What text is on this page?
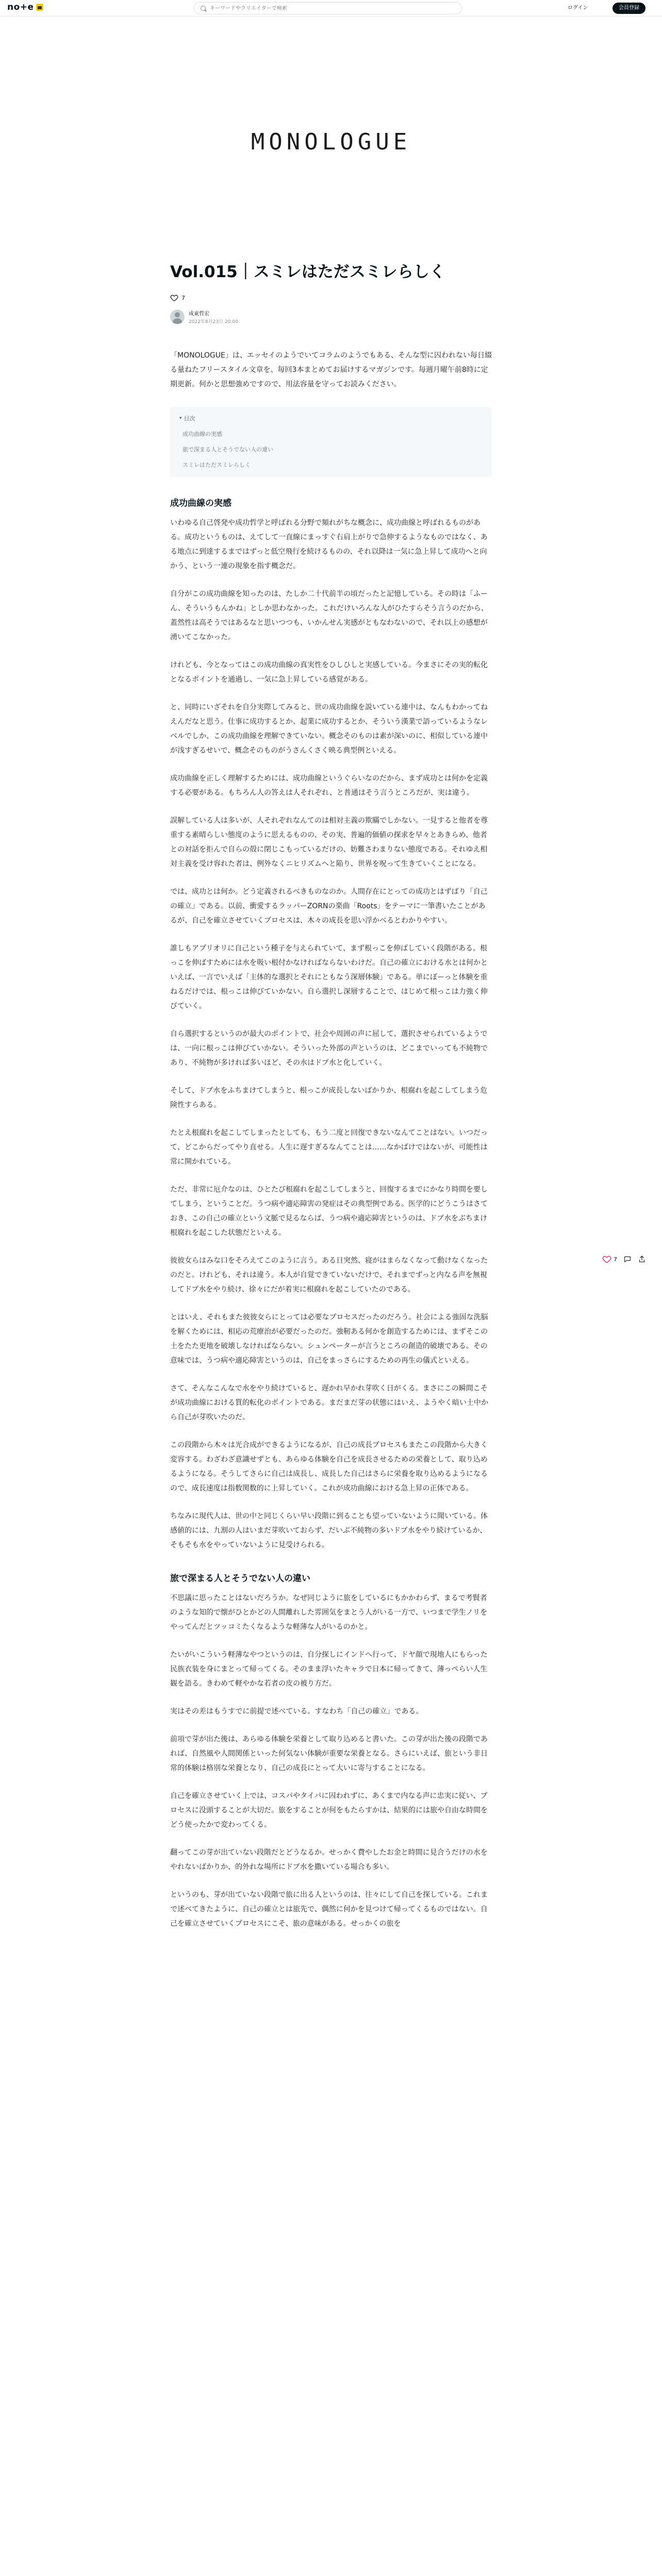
no+e
キーワードやクリエイターで検索	ログイン	会員登録
MONOLOGUE
Vol.015｜スミレはただスミレらしく
7
成東哲宏
2022年8月23日 20:00

「MONOLOGUE」は、エッセイのようでいてコラムのようでもある、そんな型に囚われない毎日綴る量ねたフリースタイル文章を、毎回3本まとめてお届けするマガジンです。毎週月曜午前8時に定期更新。何かと思想強めですので、用法容量を守ってお読みください。

▾ 目次
成功曲線の実感
旅で深まる人とそうでない人の違い
スミレはただスミレらしく
成功曲線の実感

いわゆる自己啓発や成功哲学と呼ばれる分野で頻れがちな概念に、成功曲線と呼ばれるものがある。成功というものは、えてして一直線にまっすぐ右肩上がりで急伸するようなものではなく、ある地点に到達するまではずっと低空飛行を続けるものの、それ以降は一気に急上昇して成功へと向かう、という一連の現象を指す概念だ。

自分がこの成功曲線を知ったのは、たしか二十代前半の頃だったと記憶している。その時は「ふーん、そういうもんかね」としか思わなかった。これだけいろんな人がひたすらそう言うのだから、蓋然性は高そうではあるなと思いつつも、いかんせん実感がともなわないので、それ以上の感想が湧いてこなかった。

けれども、今となってはこの成功曲線の真実性をひしひしと実感している。今まさにその実的転化となるポイントを通過し、一気に急上昇している感覚がある。

と、同時にいざそれを自分実際してみると、世の成功曲線を説いている連中は、なんもわかってねえんだなと思う。仕事に成功するとか、起業に成功するとか、そういう漢業で語っているようなレベルでしか、この成功曲線を理解できていない。概念そのものは素が深いのに、相似している連中が浅すぎるせいで、概念そのものがうさんくさく映る典型例といえる。

成功曲線を正しく理解するためには、成功曲線というぐらいなのだから、まず成功とは何かを定義する必要がある。もちろん人の答えは人それぞれ、と普通はそう言うところだが、実は違う。

誤解している人は多いが、人それぞれなんてのは相対主義の欺瞞でしかない。一見すると他者を尊重する素晴らしい態度のように思えるものの、その実、普遍的価値の探求を早々とあきらめ、他者との対話を拒んで自らの殻に閉じこもっているだけの、妨難さわまりない態度である。それゆえ相対主義を受け容れた者は、例外なくニヒリズムへと陥り、世界を呪って生きていくことになる。

では、成功とは何か。どう定義されるべきものなのか。人間存在にとっての成功とはずばり「自己の確立」である。以前、衝愛するラッパーZORNの楽曲「Roots」をテーマに一筆書いたことがあるが、自己を確立させていくプロセスは、木々の成長を思い浮かべるとわかりやすい。

誰しもアプリオリに自己という種子を与えられていて、まず根っこを伸ばしていく段階がある。根っこを伸ばすためには水を吸い根付かなければならないわけだ。自己の確立における水とは何かといえば、一言でいえば「主体的な選択とそれにともなう深層体験」である。単にぼーっと体験を重ねるだけでは、根っこは伸びていかない。自ら選択し深層することで、はじめて根っこは力強く伸びていく。

自ら選択するというのが最大のポイントで、社会や周囲の声に屈して、選択させられているようでは、一向に根っこは伸びていかない。そういった外部の声というのは、どこまでいっても不純物であり、不純物が多ければ多いほど、その水はドブ水と化していく。

そして、ドブ水をふちまけてしまうと、根っこが成長しないばかりか、根腐れを起こしてしまう危険性すらある。

たとえ根腐れを起こしてしまったとしても、もう二度と回復できないなんてことはない。いつだって、どこからだってやり直せる。人生に遅すぎるなんてことは……なかばけではないが、可能性は常に開かれている。

ただ、非常に厄介なのは、ひとたび根腐れを起こしてしまうと、回復するまでにかなり時間を要してしまう、ということだ。うつ病や適応障害の発症はその典型例である。医学的にどうこうはさておき、この自己の確立という文脈で見るならば、うつ病や適応障害というのは、ドブ水をぶちまけ根腐れを起こした状態だといえる。

彼彼女らはみな口をそろえてこのように言う。ある日突然、寝がはまらなくなって動けなくなったのだと。けれども、それは違う。本人が自覚できていないだけで、それまでずっと内なる声を無視してドブ水をやり続け、徐々にだが着実に根腐れを起こしていたのである。

とはいえ、それもまた彼彼女らにとっては必要なプロセスだったのだろう。社会による強固な洗脳を解くためには、相応の荒療治が必要だったのだ。強靭ある何かを創造するためには、まずそこの土をたた更地を破壊しなければならない。シュンペーターが言うところの創造的破壊である。その意味では、うつ病や適応障害というのは、自己をまっさらにするための再生の儀式といえる。

さて、そんなこんなで水をやり続けていると、遅かれ早かれ芽吹く日がくる。まさにこの瞬間こそが成功曲線における質的転化のポイントである。まだまだ芽の状態にはいえ、ようやく暗い土中から自己が芽吹いたのだ。

この段階から木々は光合成ができるようになるが、自己の成長プロセスもまたこの段階から大きく変容する。わざわざ意識せずとも、あらゆる体験を自己を成長させるための栄養として、取り込めるようになる。そうしてさらに自己は成長し、成長した自己はさらに栄養を取り込めるようになるので、成長速度は指数関数的に上昇していく。これが成功曲線における急上昇の正体である。

ちなみに現代人は、世の中と同じくらい早い段階に到ることも望っていないように聞いている。体感値的には、九割の人はいまだ芽吹いておらず、だいぶ不純物の多いドブ水をやり続けているか、そもそも水をやっていないように見受けられる。

旅で深まる人とそうでない人の違い

不思議に思ったことはないだろうか。なぜ同じように旅をしているにもかかわらず、まるで考賢者のような知的で懐がひとかどの人間離れした雰囲気をまとう人がいる一方で、いつまで学生ノリをやってんだとツッコミたくなるような軽薄な人がいるのかと。

たいがいこういう軽薄なやつというのは、自分探しにインドへ行って、ドヤ顔で現地人にもらった民族衣装を身にまとって帰ってくる。そのまま浮いたキャラで日本に帰ってきて、薄っぺらい人生観を語る。きわめて軽やかな若者の皮の被り方だ。

実はその差はもうすでに前提で述べている。すなわち「自己の確立」である。

前項で芽が出た後は、あらゆる体験を栄養として取り込めると書いた。この芽が出た後の段階であれば、自然風や人間関係といった何気ない体験が重要な栄養となる。さらにいえば、旅という非日常的体験は格別な栄養となり、自己の成長にとって大いに寄与することになる。

自己を確立させていく上では、コスパやタイパに囚われずに、あくまで内なる声に忠実に従い、プロセスに没頭することが大切だ。旅をすることが何をもたらすかは、結果的には旅や自由な時間をどう使ったかで変わってくる。

翻ってこの芽が出ていない段階だとどうなるか。せっかく費やしたお金と時間に見合うだけの水をやれないばかりか、的外れな場所にドブ水を撒いている場合も多い。

というのも、芽が出ていない段階で旅に出る人というのは、往々にして自己を探している。これまで述べてきたように、自己の確立とは旅先で、偶然に何かを見つけて帰ってくるものではない。自己を確立させていくプロセスにこそ、旅の意味がある。せっかくの旅を

7
